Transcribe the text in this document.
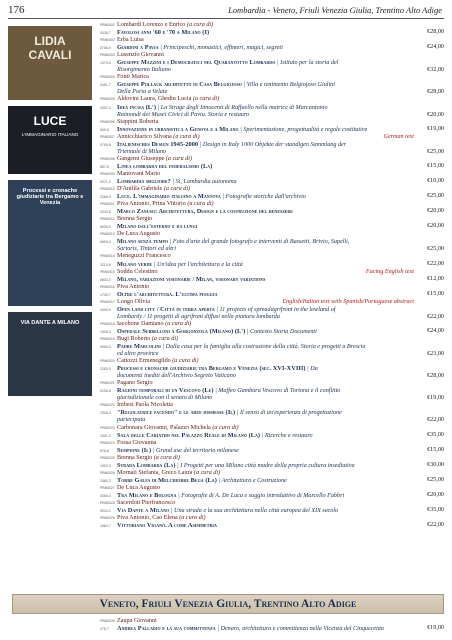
176	Lombardia - Veneto, Friuli Venezia Giulia, Trentino Alto Adige
LIDIA CAVALI
LUCE
L'IMMAGINARIO ITALIANO
Processi e cronache giudiziarie tra Bergamo e Venezia
VIA DANTE A MILANO
PBN0001 Lombardi Lorenzo e Enrico (a cura di)
4538-7 Favolosi anni '60 e '70 a Milano (I)	€28,00
PBN0002 Erba Luisa
0756-9 Giardini a Pavia | Principeschi, monastici, effimeri, magici, segreti	€24,00
PBN0003 Lusenzio Giovanni
1370-6 Giuseppe Mazzini e i Democratici nel Quarantotto Lombardo | Istituto per la storia del
Risorgimento Italiano	€32,00
PBN0004 Fonti Marica
2491-7 Giuseppe Pollack architetto di Casa Belgiojoso | Villa e tenimento Belgiojoso Giulini
Della Porta a Velate	€28,00
PBN0005 Aldovini Laura, Ghedin Lucia (a cura di)
4397-4 Idea incisa (L') | La Strage degli Innocenti di Raffaello nella matrice di Marcantonio
Raimondi dei Musei Civici di Pavia. Storia e restauro	€20,00
PBN0006 Stappini Roberta
549-5 Innovazione in urbanistica a Genova e a Milano | Sperimentazione, progettualità e regole costitutive	€19,00
PBN0007 Annicchiarico Silvana (a cura di)	German text
0795-8 Italienisches Design 1945-2000 | Design in Italy 1000 Objekte der standigen Sammlung der
Triennale di Milano	€25,00
PBN0008 Gangemi Giuseppe (a cura di)
857-5 Linea lombarda del federalismo (La)	€15,00
PBN0009 Mantovani Mario
3071-0 Lombardia migliore? | Sì, Lombardia autonoma	€10,00
PBN0010 D'Anilila Gabriele (a cura di)
2289-9 Luce. L'immaginario italiano a Mantova | Fotografie storiche dall'archivio	€25,00
PBN0011 Piva Antonio, Prina Vittorio (a cura di)
2343-6 Marco Zanuso: Architettura, Design e la costruzione del benessere	€20,00
PBN0012 Brenna Sergio
5009-5 Milano dall'esterno e da lungi	€20,00
PBN0013 De Luca Augusto
0693-5 Milano senza tempo | Foto d'arte del grande fotografo e interventi di Bassetti, Brivio, Sapelli,
Sartoris, Tintori ed altri	€25,00
PBN0014 Meneguzzi Francesco
3215-8 Milano verde | Un'idea per l'architettura e la città	€22,00
PBN0015 Soddu Celestino	Facing English text
0803-0 Milano, variazioni visionarie / Milan, visionary variations	€12,00
PBN0016 Piva Antonio
1740-7 Oltre l'architettura. L'ultima pioggia	€15,00
PBN0017 Longo Olivia	English/Italian text with Spanish/Portuguese abstract
2693-9 Open land city / Città in terra aperta | 11 projects of spreadagrifront in the lowland of
Lombardy / 11 progetti di agrifront diffusi nella pianura lombarda	€22,00
PBN0018 Iacobone Damiano (a cura di)
1408-0 Ospedale Sebbelloni a Gorgonzola (Milano) (L') | Contesto Storia Documenti	€24,00
PBN0019 Bugi Roberto (a cura di)
0084-3 Padre Marcolini | Dalla casa per la famiglia alla costruzione della città. Storia e progetti a Brescia
ed altre province	€23,00
PBN0020 Cattozzi Ermenegildo (a cura di)
2283-9 Processi e cronache giudiziarie tra Bergamo e Venezia (sec. XVI-XVIII) | Da
documenti inediti dell'Archivio Segreto Vaticano	€28,00
PBN0021 Pagano Sergio
0108-8 Ragioni temporali di un Vescovo (Le) | Maffeo Gambara Vescovo di Tortona e il conflitto
giurisdizionale con il senato di Milano	€19,00
PBN0022 Imbesi Paola Nicoletta
2306-4 "Regolatrice facendo" e le aree dismesse (Il) | Il senso di un'esperienza di progettazione
partecipata	€22,00
PBN0023 Carbonara Giovanni, Palazzo Michela (a cura di)
2301-9 Sala delle Cariatidi nel Palazzo Reale di Milano (La) | Ricerche e restauro	€35,00
PBN0024 Fossa Giovanna
678-8 Sempione (Il) | Grand axe del territorio milanese	€15,00
PBN0025 Brenna Sergio (a cura di)
1920-3 Strada Lombarda (La) | I Progetti per una Milano città madre della propria cultura insediativa	€30,00
PBN0026 Mornati Stefania, Greco Laura (a cura di)
2484-3 Torre Galfa di Melchiorre Bega (La) | Architettura e Costruzione	€25,00
PBN0027 De Luca Augusto
0355-4 Tra Milano e Bologna | Fotografie di A. De Luca e saggio introduttivo di Marcello Fabbri	€20,00
PBN0028 Sacerdoti Pierfrancesco
3002-2 Via Dante a Milano | Una strada e la sua architettura nella città europea del XIX secolo	€35,00
PBN0029 Piva Antonio, Cao Elena (a cura di)
1584-7 Vittoriano Viganò. A come Asimmetria	€22,00
Veneto, Friuli Venezia Giulia, Trentino Alto Adige
PBN0030 Zaupa Giovanni
275-7 Andrea Palladio e la sua committenza | Denaro, architettura e committenza nella Vicenza del Cinquecento	€19,00
